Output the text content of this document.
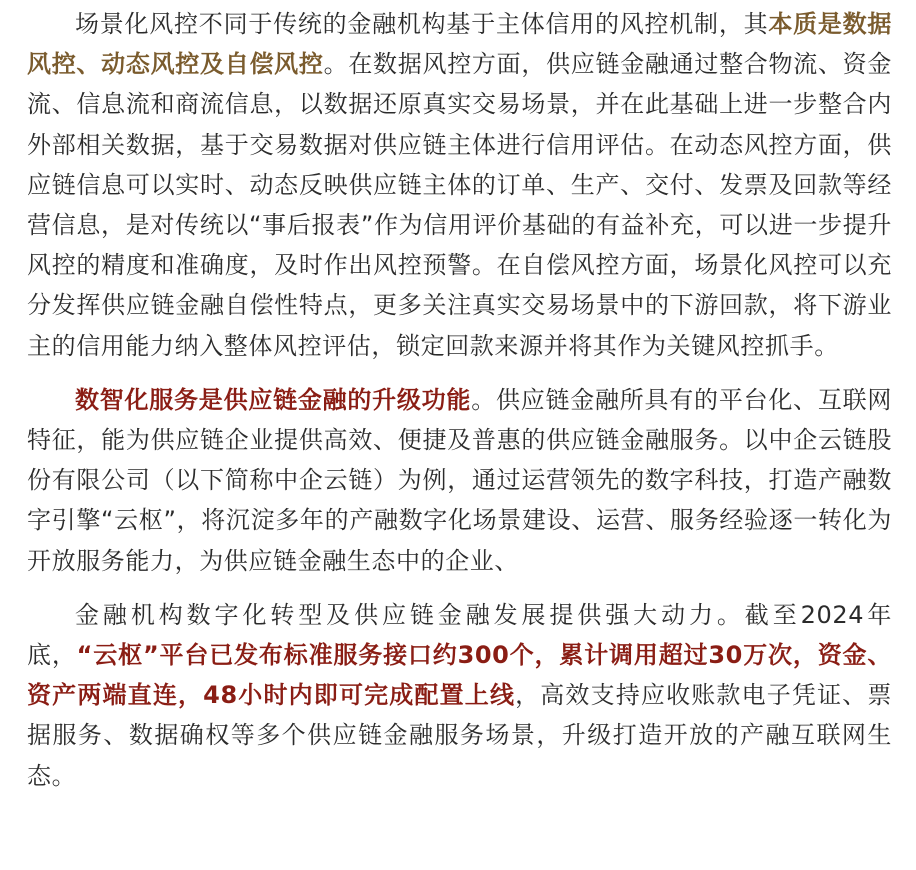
场景化风控不同于传统的金融机构基于主体信用的风控机制，其本质是数据风控、动态风控及自偿风控。在数据风控方面，供应链金融通过整合物流、资金流、信息流和商流信息，以数据还原真实交易场景，并在此基础上进一步整合内外部相关数据，基于交易数据对供应链主体进行信用评估。在动态风控方面，供应链信息可以实时、动态反映供应链主体的订单、生产、交付、发票及回款等经营信息，是对传统以“事后报表”作为信用评价基础的有益补充，可以进一步提升风控的精度和准确度，及时作出风控预警。在自偿风控方面，场景化风控可以充分发挥供应链金融自偿性特点，更多关注真实交易场景中的下游回款，将下游业主的信用能力纳入整体风控评估，锁定回款来源并将其作为关键风控抓手。

数智化服务是供应链金融的升级功能。供应链金融所具有的平台化、互联网特征，能为供应链企业提供高效、便捷及普惠的供应链金融服务。以中企云链股份有限公司（以下简称中企云链）为例，通过运营领先的数字科技，打造产融数字引擎“云枢”，将沉淀多年的产融数字化场景建设、运营、服务经验逐一转化为开放服务能力，为供应链金融生态中的企业、

金融机构数字化转型及供应链金融发展提供强大动力。截至2024年底，“云枢”平台已发布标准服务接口约300个，累计调用超过30万次，资金、资产两端直连，48小时内即可完成配置上线，高效支持应收账款电子凭证、票据服务、数据确权等多个供应链金融服务场景，升级打造开放的产融互联网生态。
